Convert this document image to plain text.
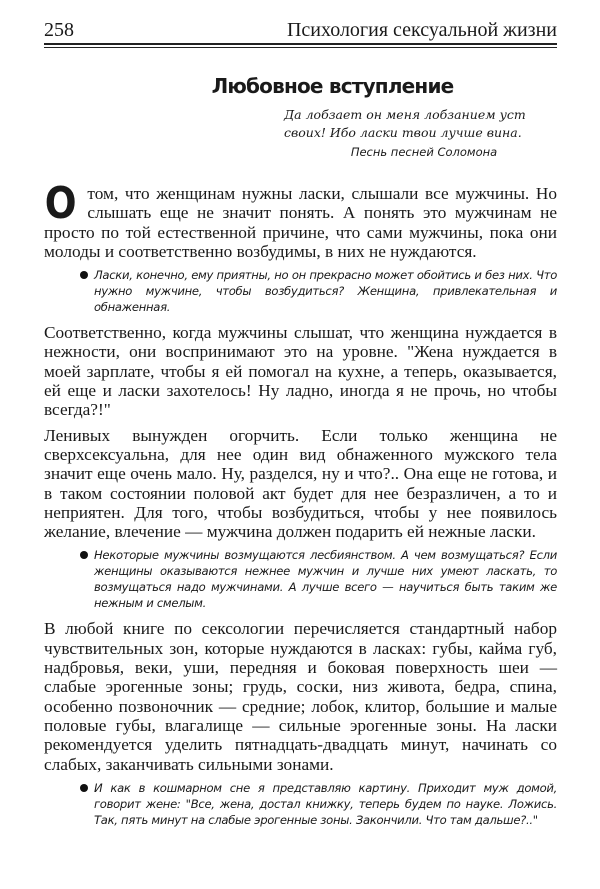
258	Психология сексуальной жизни
Любовное вступление
Да лобзает он меня лобзанием уст своих! Ибо ласки твои лучше вина.
Песнь песней Соломона

О том, что женщинам нужны ласки, слышали все мужчины. Но слышать еще не значит понять. А понять это мужчинам не просто по той естественной причине, что сами мужчины, пока они молоды и соответственно возбудимы, в них не нуждаются.

Ласки, конечно, ему приятны, но он прекрасно может обойтись и без них. Что нужно мужчине, чтобы возбудиться? Женщина, привлекательная и обнаженная.

Соответственно, когда мужчины слышат, что женщина нуждается в нежности, они воспринимают это на уровне. "Жена нуждается в моей зарплате, чтобы я ей помогал на кухне, а теперь, оказывается, ей еще и ласки захотелось! Ну ладно, иногда я не прочь, но чтобы всегда?!"

Ленивых вынужден огорчить. Если только женщина не сверхсексуальна, для нее один вид обнаженного мужского тела значит еще очень мало. Ну, разделся, ну и что?.. Она еще не готова, и в таком состоянии половой акт будет для нее безразличен, а то и неприятен. Для того, чтобы возбудиться, чтобы у нее появилось желание, влечение — мужчина должен подарить ей нежные ласки.

Некоторые мужчины возмущаются лесбиянством. А чем возмущаться? Если женщины оказываются нежнее мужчин и лучше них умеют ласкать, то возмущаться надо мужчинами. А лучше всего — научиться быть таким же нежным и смелым.

В любой книге по сексологии перечисляется стандартный набор чувствительных зон, которые нуждаются в ласках: губы, кайма губ, надбровья, веки, уши, передняя и боковая поверхность шеи — слабые эрогенные зоны; грудь, соски, низ живота, бедра, спина, особенно позвоночник — средние; лобок, клитор, большие и малые половые губы, влагалище — сильные эрогенные зоны. На ласки рекомендуется уделить пятнадцать-двадцать минут, начинать со слабых, заканчивать сильными зонами.

И как в кошмарном сне я представляю картину. Приходит муж домой, говорит жене: "Все, жена, достал книжку, теперь будем по науке. Ложись. Так, пять минут на слабые эрогенные зоны. Закончили. Что там дальше?.."
